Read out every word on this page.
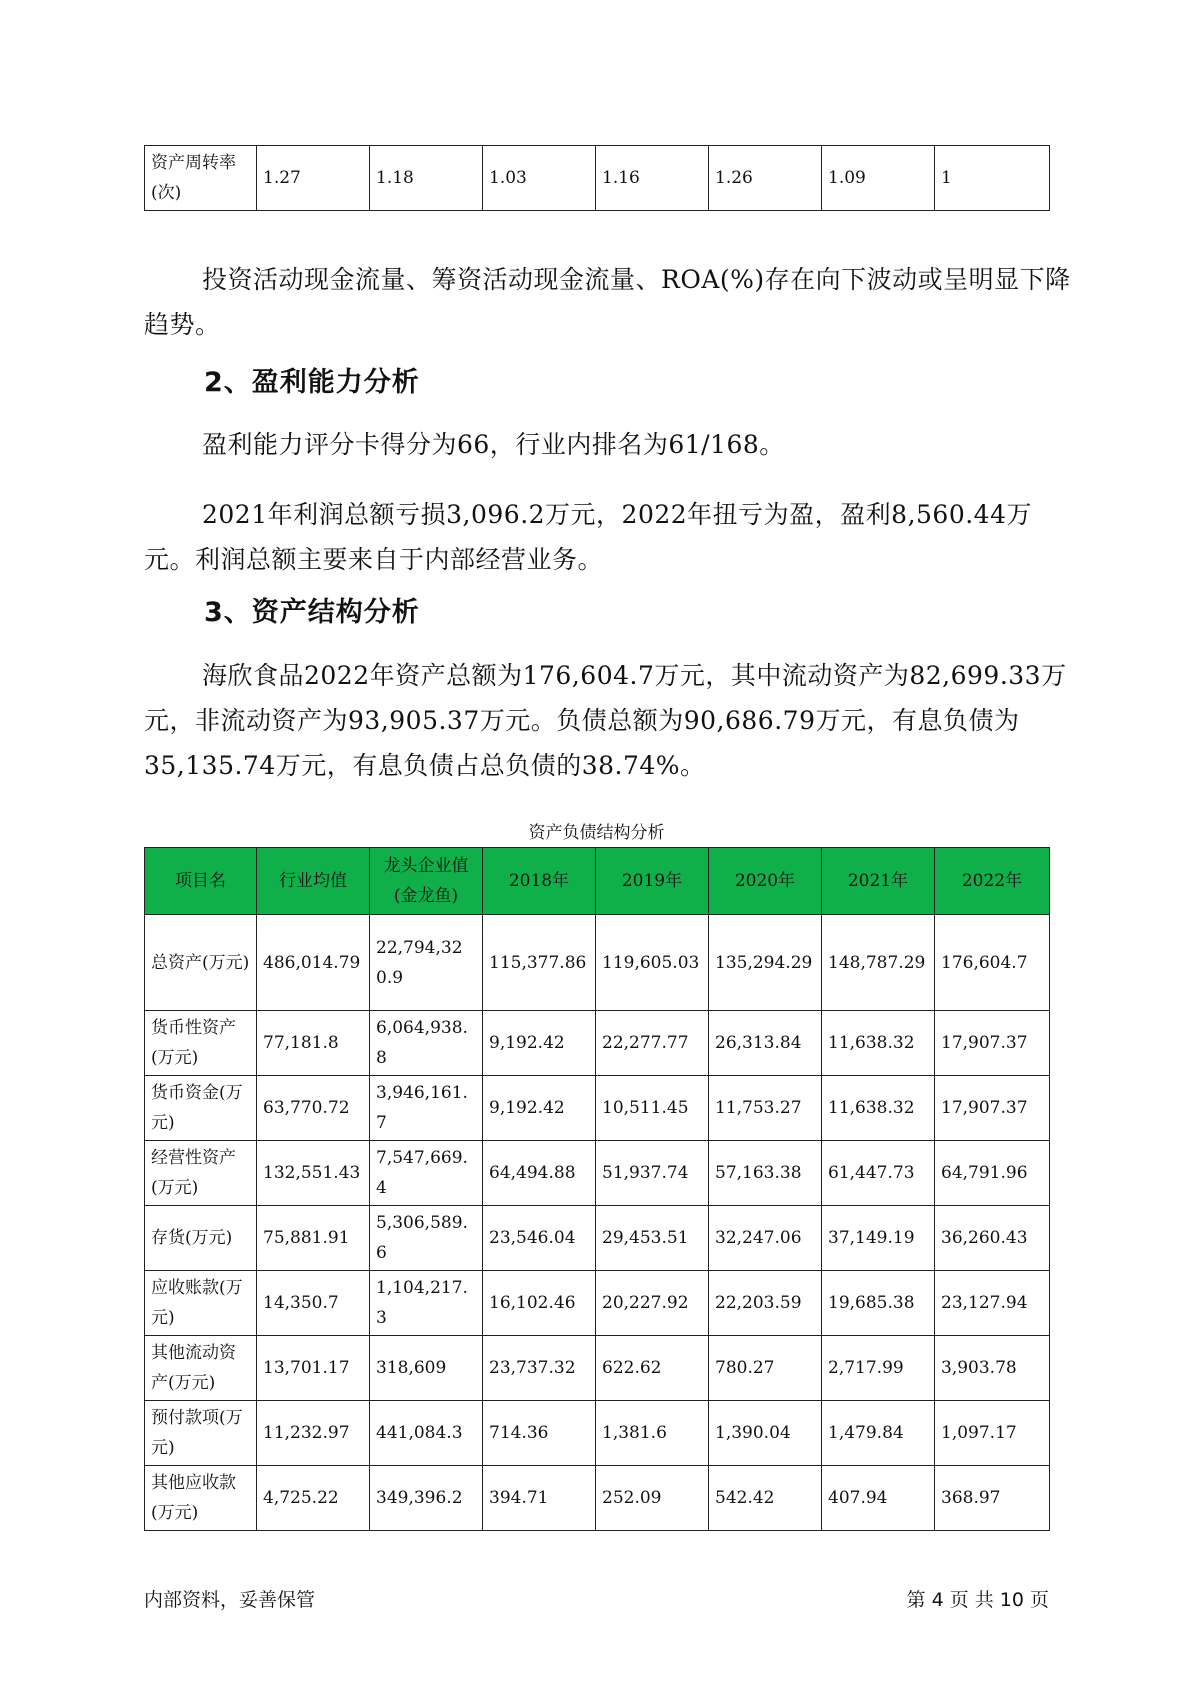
资产周转率(次)	1.27	1.18	1.03	1.16	1.26	1.09	1

投资活动现金流量、筹资活动现金流量、ROA(%)存在向下波动或呈明显下降趋势。

2、盈利能力分析

盈利能力评分卡得分为66，行业内排名为61/168。

2021年利润总额亏损3,096.2万元，2022年扭亏为盈，盈利8,560.44万元。利润总额主要来自于内部经营业务。

3、资产结构分析

海欣食品2022年资产总额为176,604.7万元，其中流动资产为82,699.33万元，非流动资产为93,905.37万元。负债总额为90,686.79万元，有息负债为35,135.74万元，有息负债占总负债的38.74%。

资产负债结构分析
项目名	行业均值	龙头企业值(金龙鱼)	2018年	2019年	2020年	2021年	2022年
总资产(万元)	486,014.79	22,794,320.9	115,377.86	119,605.03	135,294.29	148,787.29	176,604.7
货币性资产(万元)	77,181.8	6,064,938.8	9,192.42	22,277.77	26,313.84	11,638.32	17,907.37
货币资金(万元)	63,770.72	3,946,161.7	9,192.42	10,511.45	11,753.27	11,638.32	17,907.37
经营性资产(万元)	132,551.43	7,547,669.4	64,494.88	51,937.74	57,163.38	61,447.73	64,791.96
存货(万元)	75,881.91	5,306,589.6	23,546.04	29,453.51	32,247.06	37,149.19	36,260.43
应收账款(万元)	14,350.7	1,104,217.3	16,102.46	20,227.92	22,203.59	19,685.38	23,127.94
其他流动资产(万元)	13,701.17	318,609	23,737.32	622.62	780.27	2,717.99	3,903.78
预付款项(万元)	11,232.97	441,084.3	714.36	1,381.6	1,390.04	1,479.84	1,097.17
其他应收款(万元)	4,725.22	349,396.2	394.71	252.09	542.42	407.94	368.97
内部资料，妥善保管	第 4 页 共 10 页
